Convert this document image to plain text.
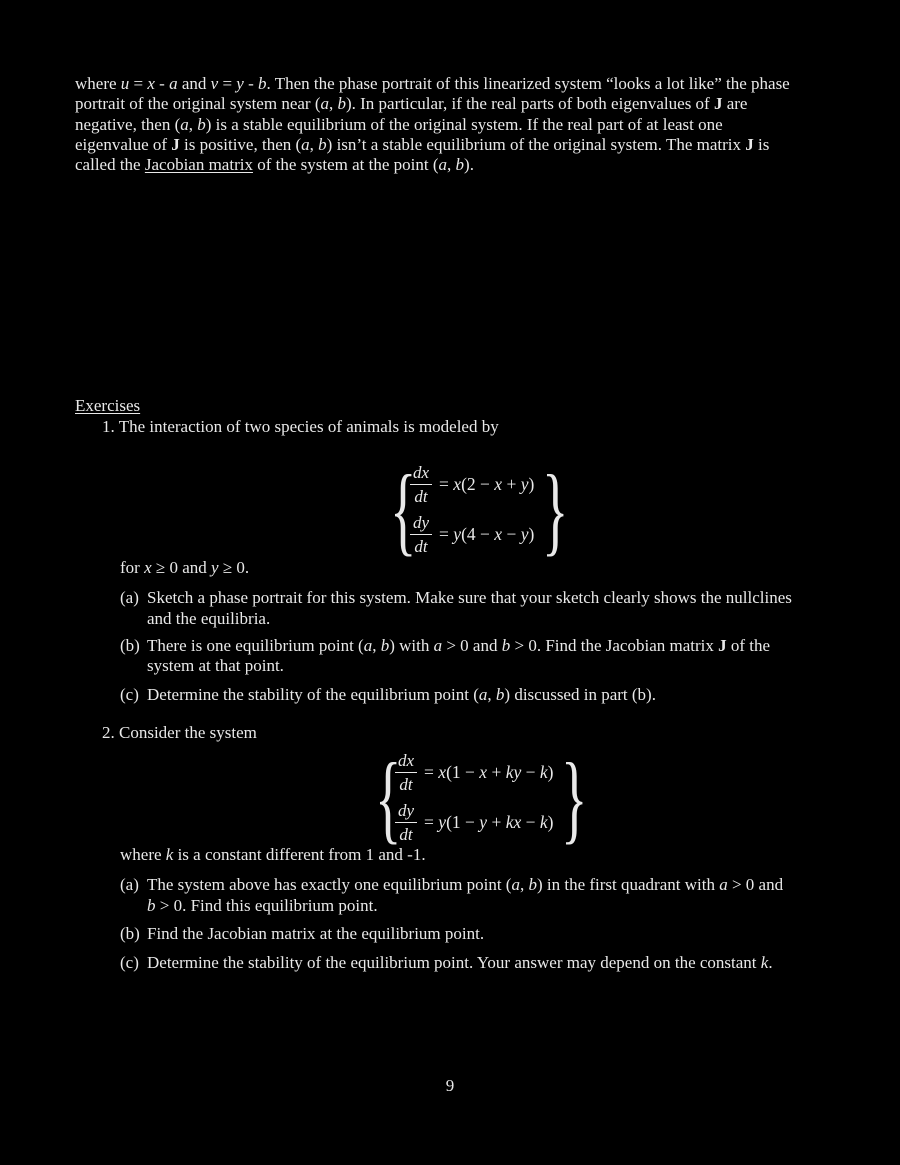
where u = x - a and v = y - b. Then the phase portrait of this linearized system “looks a lot like” the phase
portrait of the original system near (a, b). In particular, if the real parts of both eigenvalues of J are
negative, then (a, b) is a stable equilibrium of the original system. If the real part of at least one
eigenvalue of J is positive, then (a, b) isn’t a stable equilibrium of the original system. The matrix J is
called the Jacobian matrix of the system at the point (a, b).
Exercises
1. The interaction of two species of animals is modeled by
{
$\frac{dx}{dt} = x(2 - x + y)$
$\frac{dy}{dt} = y(4 - x - y)$ }
for x ≥ 0 and y ≥ 0.
(a) Sketch a phase portrait for this system. Make sure that your sketch clearly shows the nullclines
and the equilibria.
(b) There is one equilibrium point (a, b) with a > 0 and b > 0. Find the Jacobian matrix J of the
system at that point.
(c) Determine the stability of the equilibrium point (a, b) discussed in part (b).
2. Consider the system
{
$\frac{dx}{dt} = x(1 - x$ + ky − k)
$\frac{dy}{dt} = y(1 - y$ + kx − k) }
where k is a constant different from 1 and -1.
(a) The system above has exactly one equilibrium point (a, b) in the first quadrant with a > 0 and
b > 0. Find this equilibrium point.
(b) Find the Jacobian matrix at the equilibrium point.
(c) Determine the stability of the equilibrium point. Your answer may depend on the constant k.
9
